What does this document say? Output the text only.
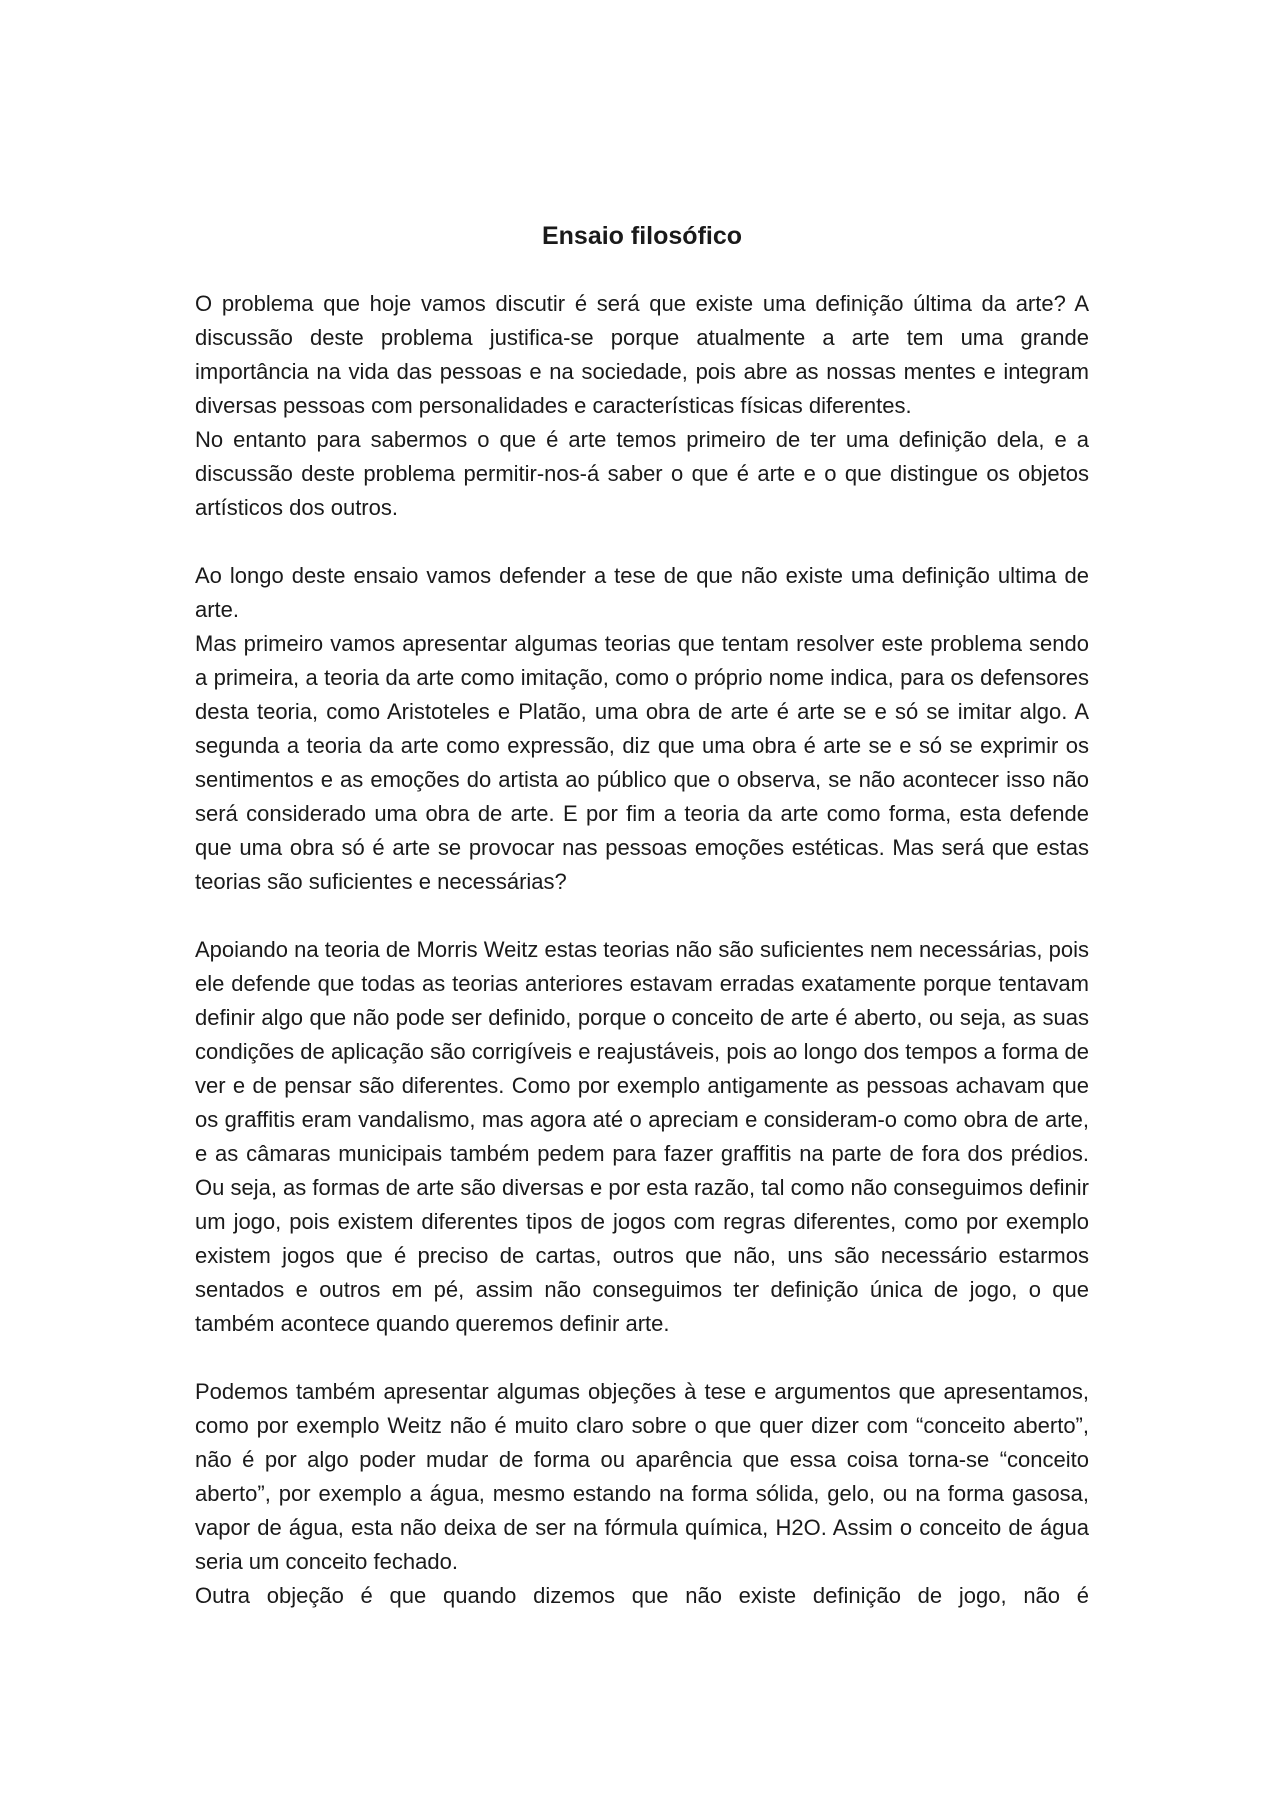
Ensaio filosófico

O problema que hoje vamos discutir é será que existe uma definição última da arte? A discussão deste problema justifica-se porque atualmente a arte tem uma grande importância na vida das pessoas e na sociedade, pois abre as nossas mentes e integram diversas pessoas com personalidades e características físicas diferentes.

No entanto para sabermos o que é arte temos primeiro de ter uma definição dela, e a discussão deste problema permitir-nos-á saber o que é arte e o que distingue os objetos artísticos dos outros.

Ao longo deste ensaio vamos defender a tese de que não existe uma definição ultima de arte.

Mas primeiro vamos apresentar algumas teorias que tentam resolver este problema sendo a primeira, a teoria da arte como imitação, como o próprio nome indica, para os defensores desta teoria, como Aristoteles e Platão, uma obra de arte é arte se e só se imitar algo. A segunda a teoria da arte como expressão, diz que uma obra é arte se e só se exprimir os sentimentos e as emoções do artista ao público que o observa, se não acontecer isso não será considerado uma obra de arte. E por fim a teoria da arte como forma, esta defende que uma obra só é arte se provocar nas pessoas emoções estéticas. Mas será que estas teorias são suficientes e necessárias?

Apoiando na teoria de Morris Weitz estas teorias não são suficientes nem necessárias, pois ele defende que todas as teorias anteriores estavam erradas exatamente porque tentavam definir algo que não pode ser definido, porque o conceito de arte é aberto, ou seja, as suas condições de aplicação são corrigíveis e reajustáveis, pois ao longo dos tempos a forma de ver e de pensar são diferentes. Como por exemplo antigamente as pessoas achavam que os graffitis eram vandalismo, mas agora até o apreciam e consideram-o como obra de arte, e as câmaras municipais também pedem para fazer graffitis na parte de fora dos prédios. Ou seja, as formas de arte são diversas e por esta razão, tal como não conseguimos definir um jogo, pois existem diferentes tipos de jogos com regras diferentes, como por exemplo existem jogos que é preciso de cartas, outros que não, uns são necessário estarmos sentados e outros em pé, assim não conseguimos ter definição única de jogo, o que também acontece quando queremos definir arte.

Podemos também apresentar algumas objeções à tese e argumentos que apresentamos, como por exemplo Weitz não é muito claro sobre o que quer dizer com “conceito aberto”, não é por algo poder mudar de forma ou aparência que essa coisa torna-se “conceito aberto”, por exemplo a água, mesmo estando na forma sólida, gelo, ou na forma gasosa, vapor de água, esta não deixa de ser na fórmula química, H2O. Assim o conceito de água seria um conceito fechado.

Outra objeção é que quando dizemos que não existe definição de jogo, não é
